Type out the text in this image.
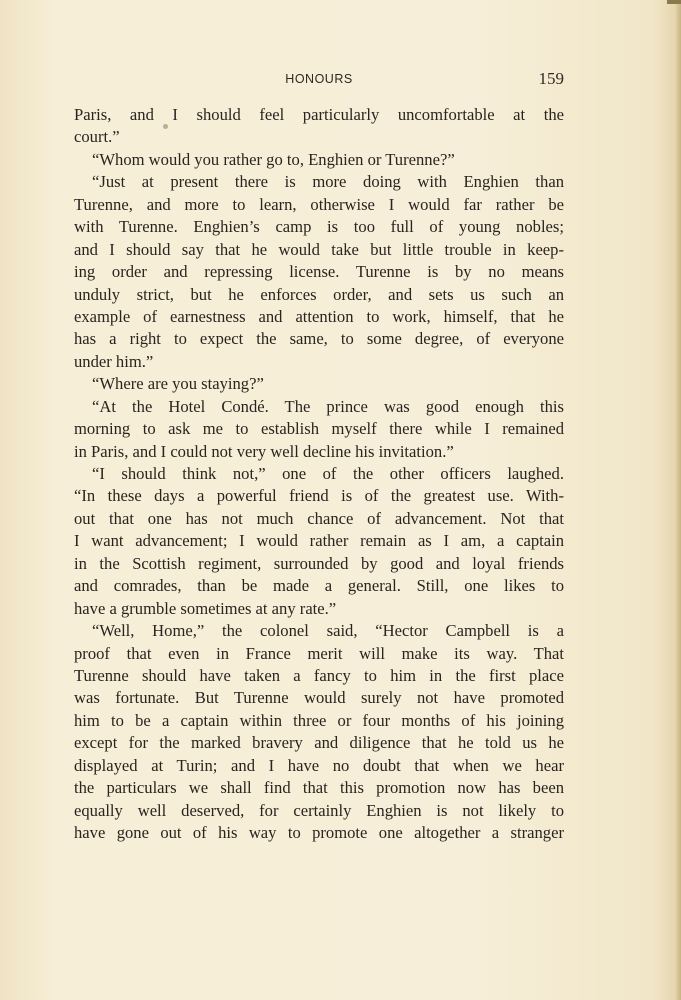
HONOURS	159
Paris, and I should feel particularly uncomfortable at the
court.”
“Whom would you rather go to, Enghien or Turenne?”
“Just at present there is more doing with Enghien than
Turenne, and more to learn, otherwise I would far rather be
with Turenne. Enghien’s camp is too full of young nobles;
and I should say that he would take but little trouble in keep-
ing order and repressing license. Turenne is by no means
unduly strict, but he enforces order, and sets us such an
example of earnestness and attention to work, himself, that he
has a right to expect the same, to some degree, of everyone
under him.”
“Where are you staying?”
“At the Hotel Condé. The prince was good enough this
morning to ask me to establish myself there while I remained
in Paris, and I could not very well decline his invitation.”
“I should think not,” one of the other officers laughed.
“In these days a powerful friend is of the greatest use. With-
out that one has not much chance of advancement. Not that
I want advancement; I would rather remain as I am, a captain
in the Scottish regiment, surrounded by good and loyal friends
and comrades, than be made a general. Still, one likes to
have a grumble sometimes at any rate.”
“Well, Home,” the colonel said, “Hector Campbell is a
proof that even in France merit will make its way. That
Turenne should have taken a fancy to him in the first place
was fortunate. But Turenne would surely not have promoted
him to be a captain within three or four months of his joining
except for the marked bravery and diligence that he told us he
displayed at Turin; and I have no doubt that when we hear
the particulars we shall find that this promotion now has been
equally well deserved, for certainly Enghien is not likely to
have gone out of his way to promote one altogether a stranger
